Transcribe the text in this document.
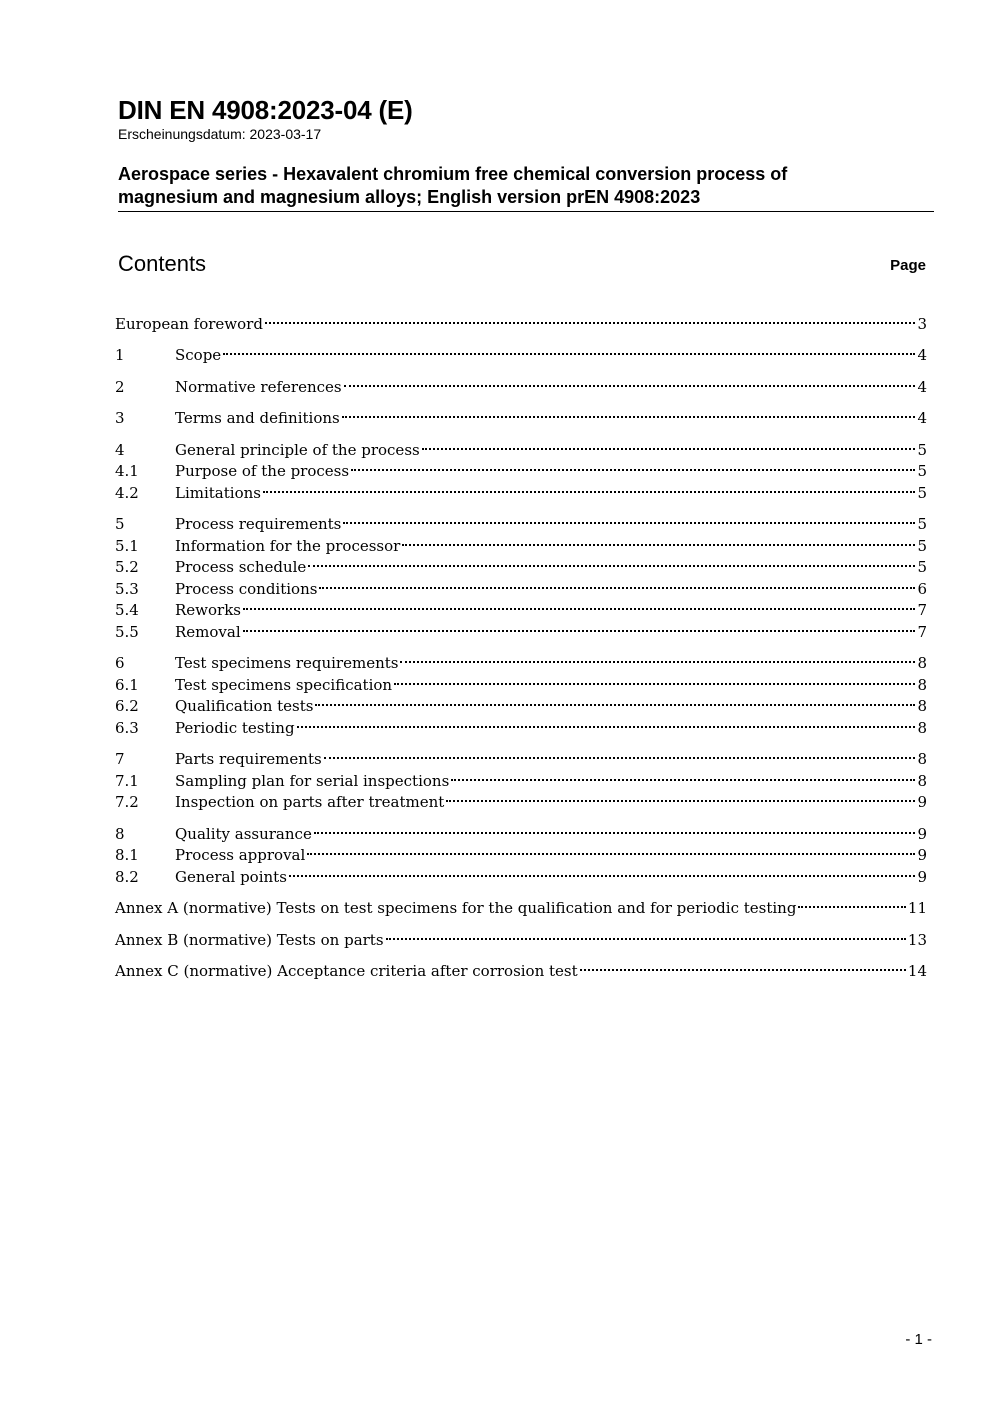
DIN EN 4908:2023-04 (E)
Erscheinungsdatum: 2023-03-17
Aerospace series - Hexavalent chromium free chemical conversion process of
magnesium and magnesium alloys; English version prEN 4908:2023
Contents	Page
European foreword	3
1	Scope	4
2	Normative references	4
3	Terms and definitions	4
4	General principle of the process	5
4.1	Purpose of the process	5
4.2	Limitations	5
5	Process requirements	5
5.1	Information for the processor	5
5.2	Process schedule	5
5.3	Process conditions	6
5.4	Reworks	7
5.5	Removal	7
6	Test specimens requirements	8
6.1	Test specimens specification	8
6.2	Qualification tests	8
6.3	Periodic testing	8
7	Parts requirements	8
7.1	Sampling plan for serial inspections	8
7.2	Inspection on parts after treatment	9
8	Quality assurance	9
8.1	Process approval	9
8.2	General points	9
Annex A (normative) Tests on test specimens for the qualification and for periodic testing	11
Annex B (normative) Tests on parts	13
Annex C (normative) Acceptance criteria after corrosion test	14
- 1 -
